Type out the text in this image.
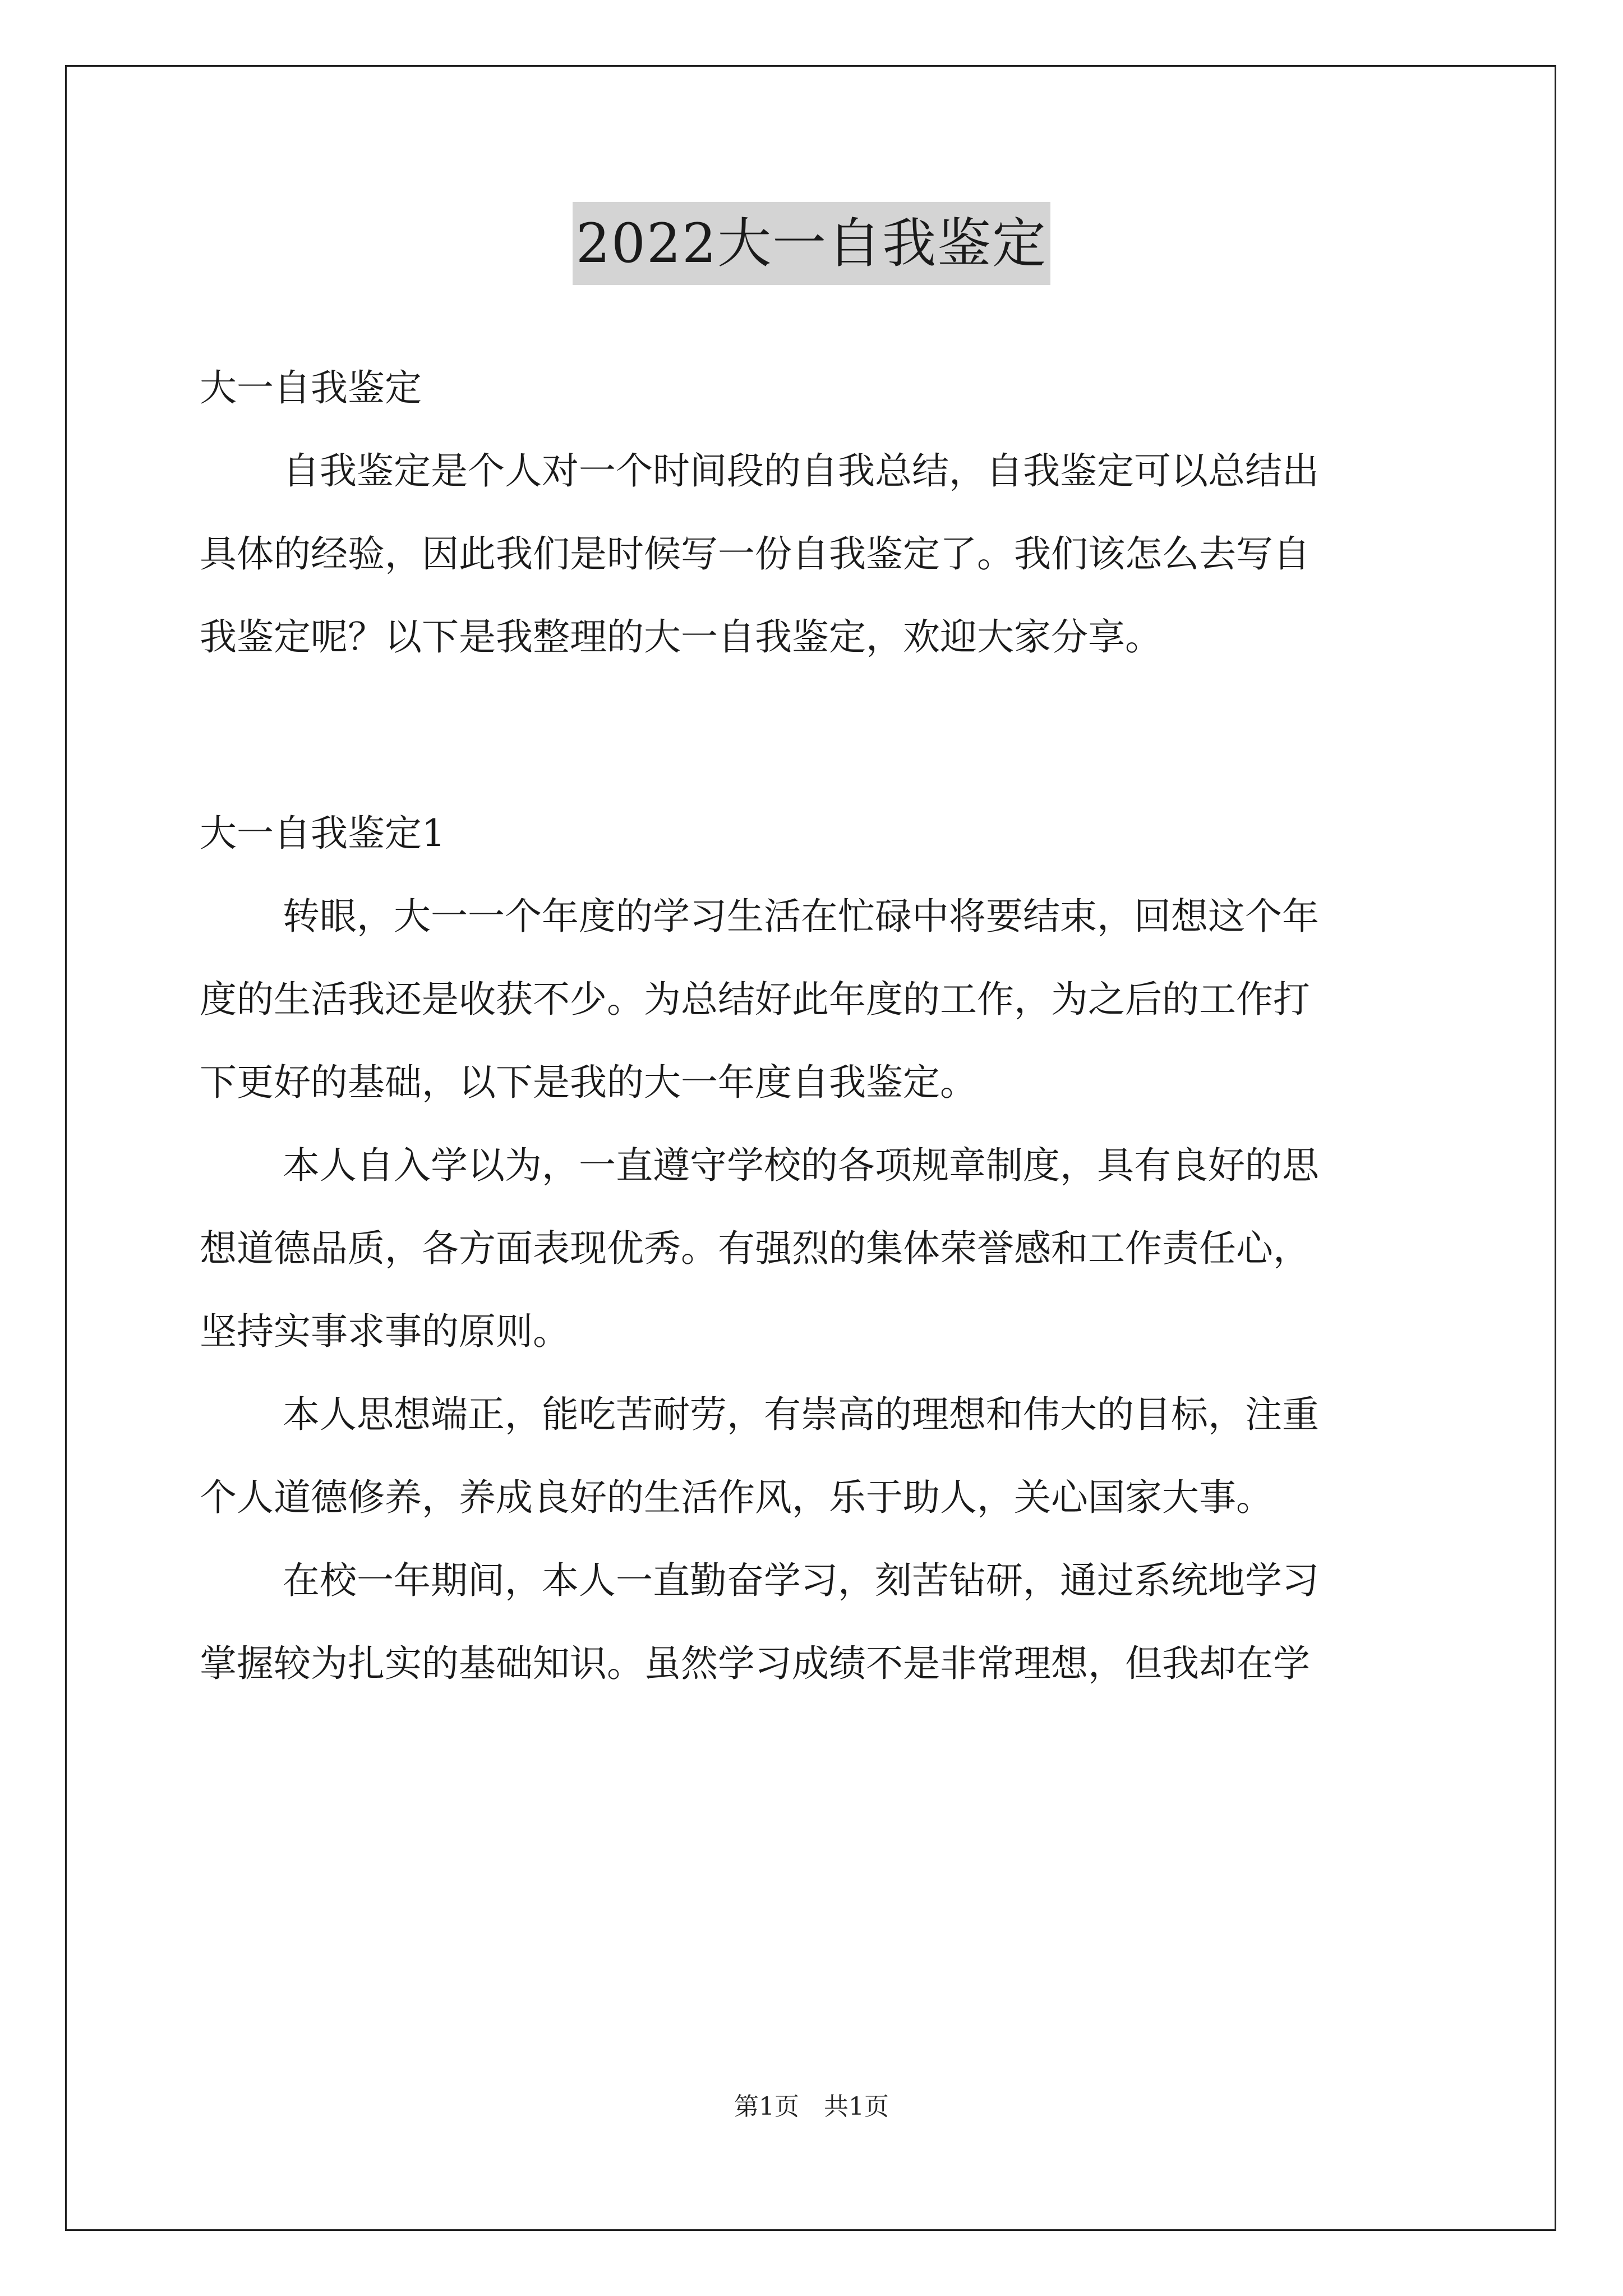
2022大一自我鉴定
大一自我鉴定
自我鉴定是个人对一个时间段的自我总结，自我鉴定可以总结出
具体的经验，因此我们是时候写一份自我鉴定了。我们该怎么去写自
我鉴定呢？以下是我整理的大一自我鉴定，欢迎大家分享。
大一自我鉴定1
转眼，大一一个年度的学习生活在忙碌中将要结束，回想这个年
度的生活我还是收获不少。为总结好此年度的工作，为之后的工作打
下更好的基础，以下是我的大一年度自我鉴定。
本人自入学以为，一直遵守学校的各项规章制度，具有良好的思
想道德品质，各方面表现优秀。有强烈的集体荣誉感和工作责任心，
坚持实事求事的原则。
本人思想端正，能吃苦耐劳，有崇高的理想和伟大的目标，注重
个人道德修养，养成良好的生活作风，乐于助人，关心国家大事。
在校一年期间，本人一直勤奋学习，刻苦钻研，通过系统地学习
掌握较为扎实的基础知识。虽然学习成绩不是非常理想，但我却在学
第1页　共1页
